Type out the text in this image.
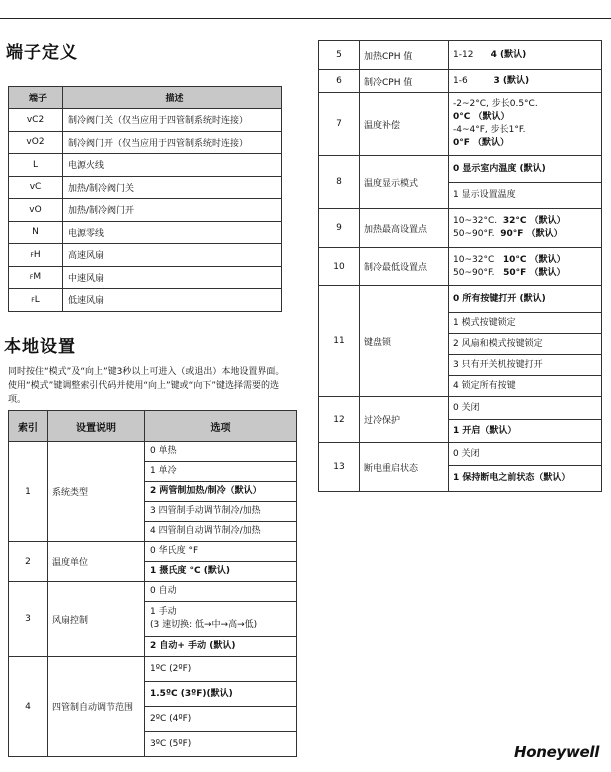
端子定义
端子	描述
vC2	制冷阀门关（仅当应用于四管制系统时连接）
vO2	制冷阀门开（仅当应用于四管制系统时连接）
L	电源火线
vC	加热/制冷阀门关
vO	加热/制冷阀门开
N	电源零线
FH	高速风扇
FM	中速风扇
FL	低速风扇
本地设置
同时按住“模式”及“向上”键3秒以上可进入（或退出）本地设置界面。使用“模式”键调整索引代码并使用“向上”键或“向下”键选择需要的选项。
索引	设置说明	选项
1	系统类型	0 单热
		1 单冷
		2 两管制加热/制冷（默认）
		3 四管制手动调节制冷/加热
		4 四管制自动调节制冷/加热
2	温度单位	0 华氏度 °F
		1 摄氏度 °C (默认)
3	风扇控制	0 自动

		1 手动
(3 速切换: 低→中→高→低)

		2 自动+ 手动 (默认)
4	四管制自动调节范围	1ºC (2ºF)
		1.5ºC (3ºF)(默认)
		2ºC (4ºF)
		3ºC (5ºF)
5	加热CPH 值	1-12 4 (默认)
6	制冷CPH 值	1-6 3 (默认)
7	温度补偿	-2~2°C, 步长0.5°C.
0°C （默认）
-4~4°F, 步长1°F.
0°F （默认）

8	温度显示模式	0 显示室内温度 (默认)
		1 显示设置温度
9	加热最高设置点	10~32°C. 32°C （默认）
50~90°F. 90°F （默认）

10	制冷最低设置点	10~32°C 10°C （默认）
50~90°F. 50°F （默认）

11	键盘锁	0 所有按键打开 (默认)
		1 模式按键锁定
		2 风扇和模式按键锁定
		3 只有开关机按键打开
		4 锁定所有按键
12	过冷保护	0 关闭
		1 开启（默认）
13	断电重启状态	0 关闭
		1 保持断电之前状态（默认）
Honeywell
